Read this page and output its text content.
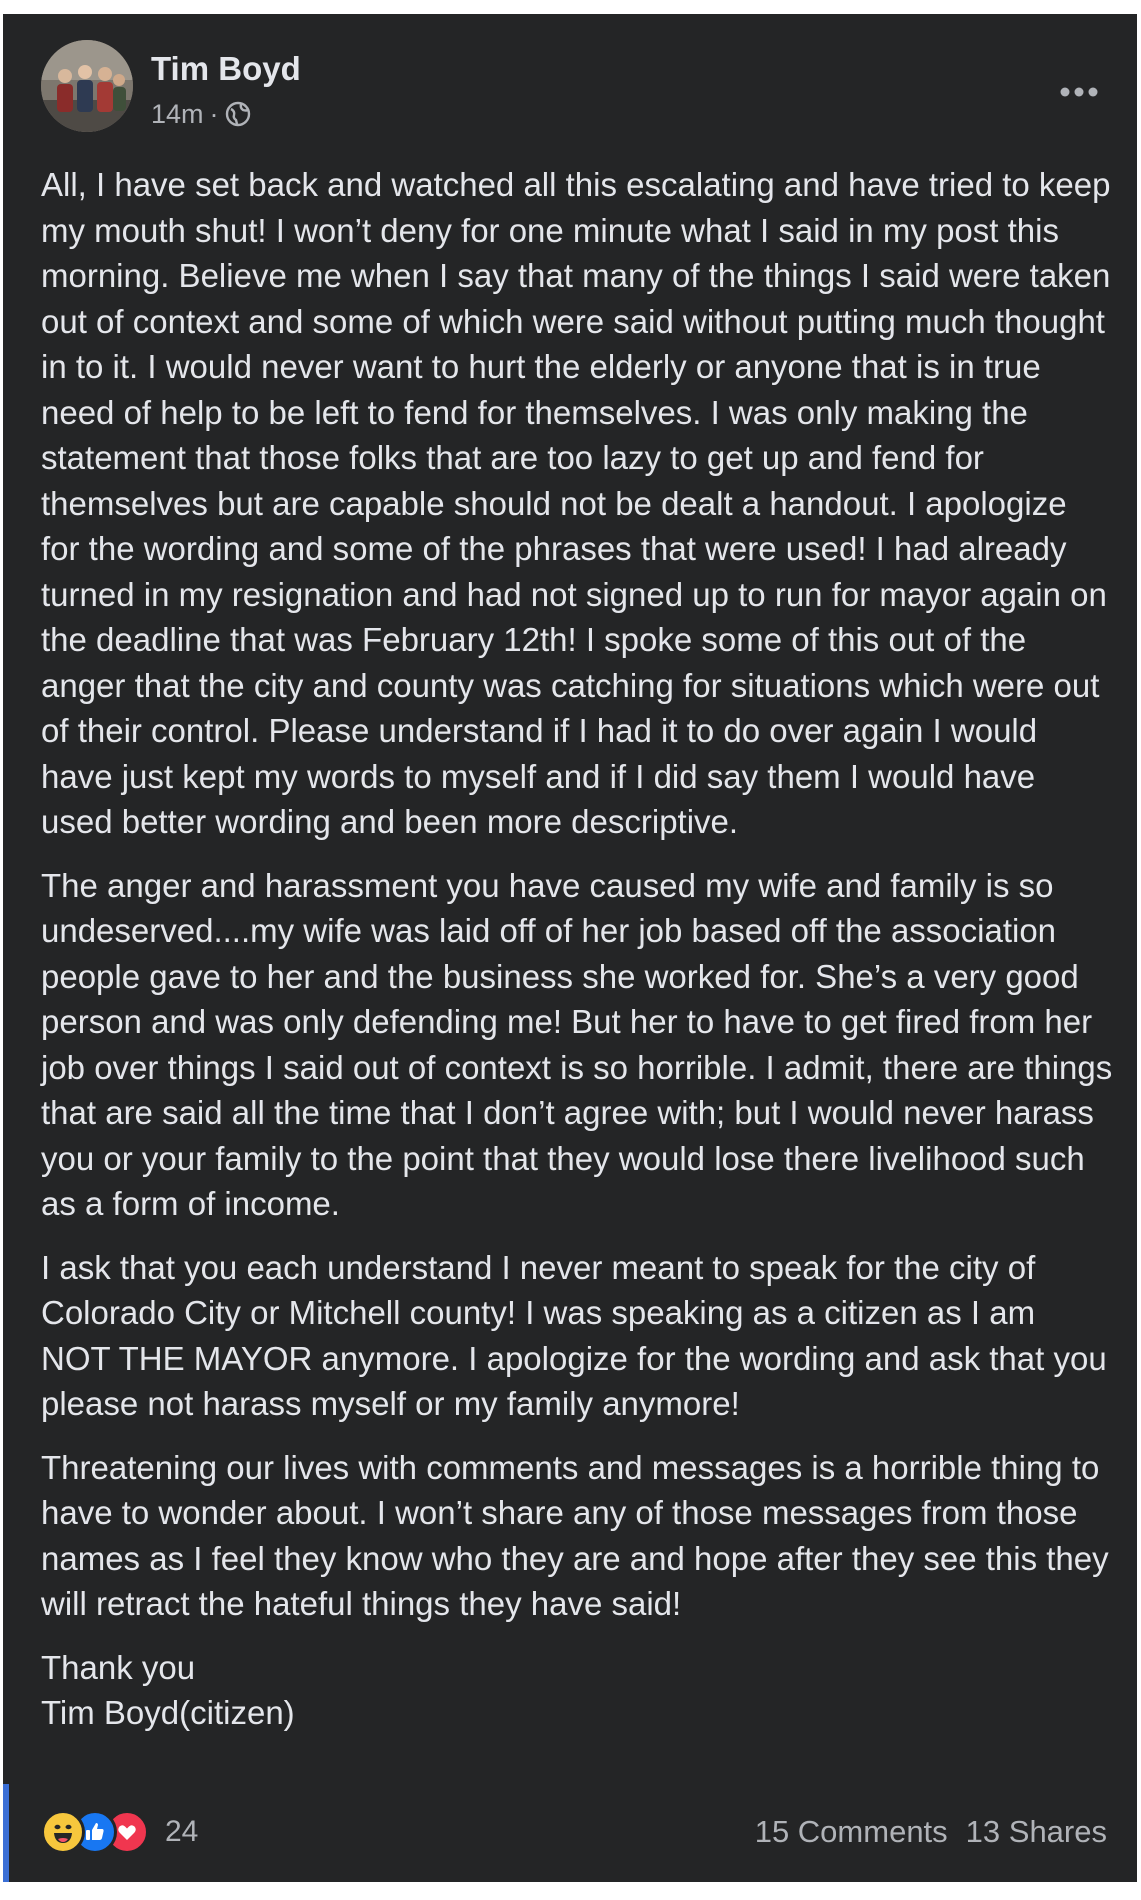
Tim Boyd
14m ·

All, I have set back and watched all this escalating and have tried to keep my mouth shut! I won’t deny for one minute what I said in my post this morning. Believe me when I say that many of the things I said were taken out of context and some of which were said without putting much thought in to it. I would never want to hurt the elderly or anyone that is in true need of help to be left to fend for themselves. I was only making the statement that those folks that are too lazy to get up and fend for themselves but are capable should not be dealt a handout. I apologize for the wording and some of the phrases that were used! I had already turned in my resignation and had not signed up to run for mayor again on the deadline that was February 12th! I spoke some of this out of the anger that the city and county was catching for situations which were out of their control. Please understand if I had it to do over again I would have just kept my words to myself and if I did say them I would have used better wording and been more descriptive.

The anger and harassment you have caused my wife and family is so undeserved....my wife was laid off of her job based off the association people gave to her and the business she worked for. She’s a very good person and was only defending me! But her to have to get fired from her job over things I said out of context is so horrible. I admit, there are things that are said all the time that I don’t agree with; but I would never harass you or your family to the point that they would lose there livelihood such as a form of income.

I ask that you each understand I never meant to speak for the city of Colorado City or Mitchell county! I was speaking as a citizen as I am NOT THE MAYOR anymore. I apologize for the wording and ask that you please not harass myself or my family anymore!

Threatening our lives with comments and messages is a horrible thing to have to wonder about. I won’t share any of those messages from those names as I feel they know who they are and hope after they see this they will retract the hateful things they have said!

Thank you
Tim Boyd(citizen)

24	15 Comments 13 Shares
